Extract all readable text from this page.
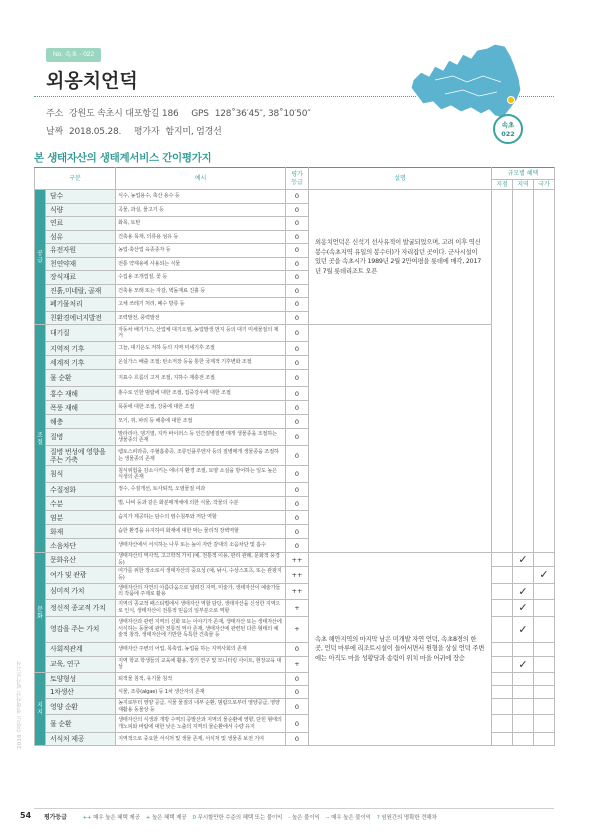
No. 속초 - 022
외옹치언덕
주소 강원도 속초시 대포항길 186 GPS 128˚36′45″, 38˚10′50″
날짜 2018.05.28. 평가자 함지미, 엄경선
속초
022
본 생태자산의 생태계서비스 간이평가지
구분		예시	평가
등급	설명	규모별 혜택		
					지점	지역	국가

공급	담수	식수, 농업용수, 축산 용수 등	0	외옹치언덕은 신석기 선사유적이 발굴되었으며, 고려 이후 역신봉수(속초지역 유일의 봉수터)가 자리잡던 곳이다. 군사시설이 있던 곳을 속초시가 1989년 2월 2만여평을 롯데에 매각, 2017년 7월 롯데리조트 오픈			
	식량	곡물, 과실, 물고기 등	0				
	연료	화목, 토탄	0				
	섬유	건축용 목재, 의류용 섬유 등	0				
	유전자원	농업·축산업 육종종자 등	0				
	천연약재	전통 약재용에 사용되는 식물	0				
	장식재료	수집용 조개껍질, 꽃 등	0				
	진흙,미네랄, 골재	건축용 모래 또는 자갈, 벽돌재료 진흙 등	0				
	폐기물처리	고체 쓰레기 처리, 폐수 방류 등	0				
	친환경에너지발전	조력발전, 풍력발전	0				

조절	대기질	자동차 배기가스, 산업체 대기오염, 농업발생 먼지 등의 대기 미세물질의 제거	0				
	지역적 기후	그늘, 대기온도 저하 등의 지역 미세기후 조절	0				
	세계적 기후	온실가스 배출 조절; 탄소저장 등을 통한 국제적 기후변화 조절	0				
	물 순환	지표수 흐름의 고저 조절, 지하수 재충전 조절	0				
	홍수 재해	홍수로 인한 범람에 대한 조절, 집중강우에 대한 조절	0				
	폭풍 재해	폭풍에 대한 조절, 강풍에 대한 조절	0				
	해충	모기, 쥐, 파리 등 해충에 대한 조절	0				
	질병	말라리아, 뎅기열, 지카 바이러스 등 인간질병질병 매개 생물종을 조절하는 생물종의 존재	0				
	질병 번성에 영향을 주는 가축	렙토스피라증, 주혈흡충증, 조류인플루엔자 등의 질병매개 생물종을 조절하는 생물종의 존재	0				
	침식	침식위험을 감소시키는 에너지 환경 조절, 토양 소실을 방어하는 일도 높은 식생의 존재	0				
	수질정화	정수, 수질개선, 토사퇴적, 오염물질 여과	0				
	수분	벌, 나비 등과 같은 화분매개체에 의한 식물, 작물의 수분	0				
	염분	습지가 제공하는 담수의 염수침투와 저단 역할	0				
	화재	습한 환경을 유지하여 화재에 대한 막는 물리적 장벽역할	0				
	소음차단	생태자산에서 서식하는 나무 또는 높이 자란 갈대의 소음차단 및 흡수	0				

문화	문화유산	생태자산의 역사적, 고고학적 가치 (예, 전통적 이용, 관리 관례, 문화적 풍경 등)	++	속초 해안지역의 마지막 남은 미개발 자연 언덕, 속초8경의 한 곳, 언덕 마루에 리조트시설이 들어서면서 원형을 상실 언덕 주변에는 아직도 마을 성황당과 송림이 위치 마을 어귀에 장승		✓	
	여가 및 관광	여가를 위한 장소로서 생태자산의 중요성 (예, 낚시, 수상스포츠, 또는 관광지 등)	++				✓
	심미적 가치	생태자산의 자연의 아름다움으로 알려진 지역, 미술가, 생태자산이 예술가들의 작품에 주제로 활용	++			✓	
	정신적 종교적 가치	지역의 종교적 패스티벌에서 생태자산 역할 담당, 생태자산을 신성한 지역으로 인식, 생태자산이 전통적 믿음의 일부분으로 역할	+			✓	
	영감을 주는 가치	생태자산과 관련 지역의 신화 또는 이야기가 존재, 생태자산 또는 생태자산에 서식하는 동물에 관한 전통적 역사 존재, 생태자산에 관련된 다른 형태의 예술적 창작, 생태자산에 기반한 독특한 건축물 등	+			✓	
	사회적관계	생태자산 주변의 어업, 목축업, 농업을 하는 지역사회의 존재	0				
	교육, 연구	지역 학교 학생들의 교육에 활용, 장기 연구 및 모니터링 사이트, 현장교육 대상	+			✓	

지지	토양형성	퇴적물 침적, 유기물 침적	0				
	1차생산	식물, 조류(algae) 등 1차 생산자의 존재	0				
	영양 순환	농지로부터 영양 공급, 식물 물질의 내부 순환, 범람으로부터 영양공급, 영양 재활용 동물상 등	0				
	물 순환	생태자산의 식생과 개방 수역의 증발산과 지역의 물순환에 영향, 단힌 형태의 개노피와 바람에 대한 낮은 노출의 지역의 물순환에서 수량 유지	0				
	서식처 제공	지역적으로 중요한 서식처 및 생물 존재, 서식처 및 생물종 보전 기여	0				
2018 강원도 생태자산 평가보고서
54 평가등급	++ 매우 높은 혜택 제공 + 높은 혜택 제공 0 무시할만한 수준의 혜택 또는 불이익 - 높은 불이익 -- 매우 높은 불이익 ? 임원간의 명확한 견해차
